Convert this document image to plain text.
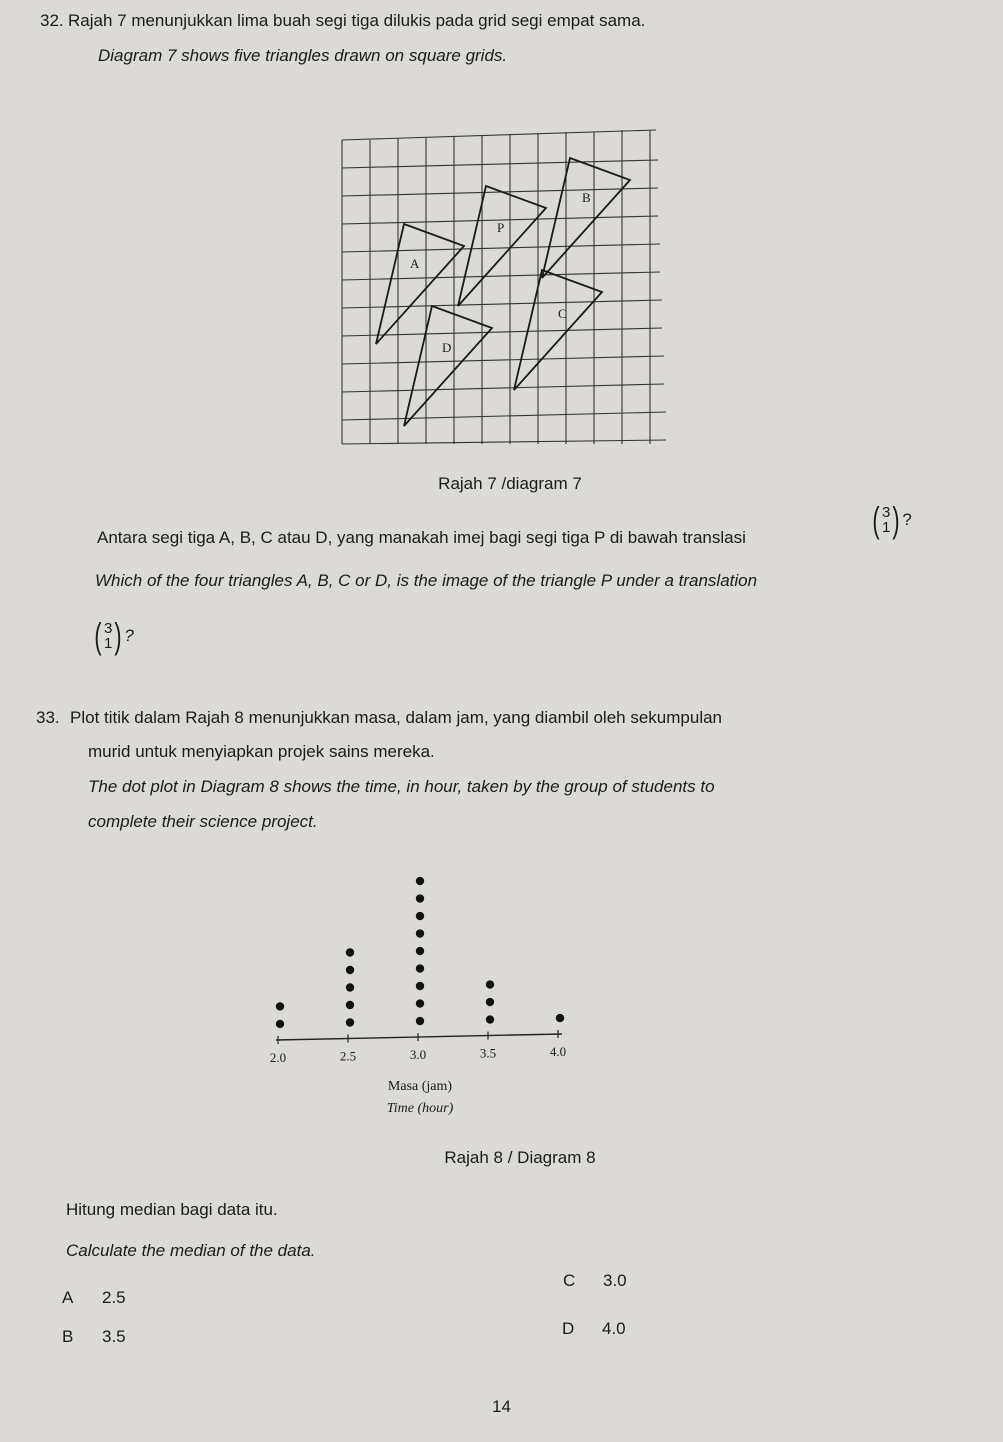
32. Rajah 7 menunjukkan lima buah segi tiga dilukis pada grid segi empat sama.
Diagram 7 shows five triangles drawn on square grids.
B
P
A
C
D
Rajah 7 /diagram 7
Antara segi tiga A, B, C atau D, yang manakah imej bagi segi tiga P di bawah translasi	( 3
1 ) ?
Which of the four triangles A, B, C or D, is the image of the triangle P under a translation
( 3
1 ) ?
33. Plot titik dalam Rajah 8 menunjukkan masa, dalam jam, yang diambil oleh sekumpulan
murid untuk menyiapkan projek sains mereka.
The dot plot in Diagram 8 shows the time, in hour, taken by the group of students to
complete their science project.
2.0	2.5	3.0	3.5	4.0
Masa (jam)
Time (hour)
Rajah 8 / Diagram 8
Hitung median bagi data itu.
Calculate the median of the data.
A 2.5
C 3.0
B 3.5	D 4.0
14
